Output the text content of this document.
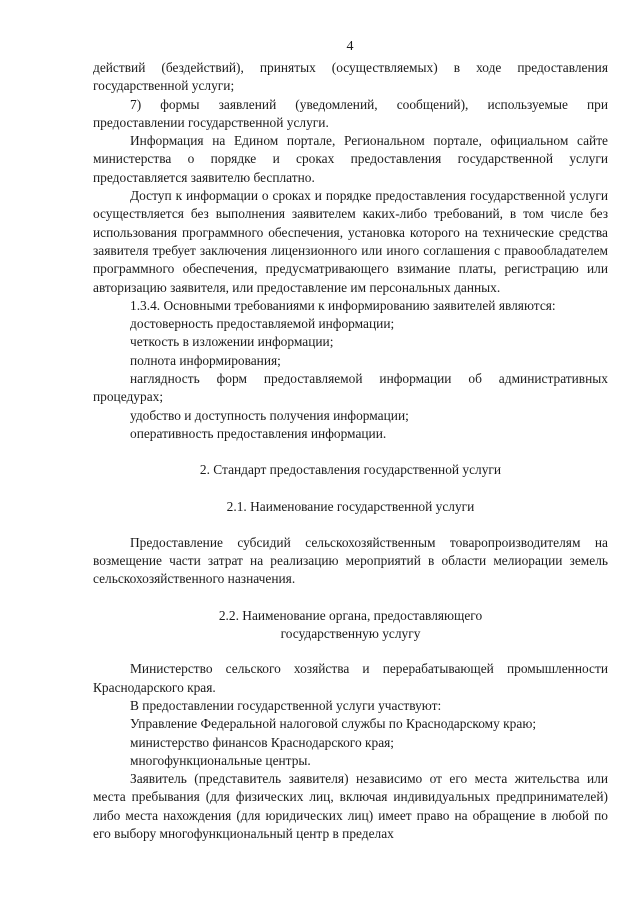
4

действий (бездействий), принятых (осуществляемых) в ходе предоставления государственной услуги;

7) формы заявлений (уведомлений, сообщений), используемые при предоставлении государственной услуги.

Информация на Едином портале, Региональном портале, официальном сайте министерства о порядке и сроках предоставления государственной услуги предоставляется заявителю бесплатно.

Доступ к информации о сроках и порядке предоставления государственной услуги осуществляется без выполнения заявителем каких-либо требований, в том числе без использования программного обеспечения, установка которого на технические средства заявителя требует заключения лицензионного или иного соглашения с правообладателем программного обеспечения, предусматривающего взимание платы, регистрацию или авторизацию заявителя, или предоставление им персональных данных.

1.3.4. Основными требованиями к информированию заявителей являются:

достоверность предоставляемой информации;

четкость в изложении информации;

полнота информирования;

наглядность форм предоставляемой информации об административных процедурах;

удобство и доступность получения информации;

оперативность предоставления информации.

2. Стандарт предоставления государственной услуги

2.1. Наименование государственной услуги

Предоставление субсидий сельскохозяйственным товаропроизводителям на возмещение части затрат на реализацию мероприятий в области мелиорации земель сельскохозяйственного назначения.

2.2. Наименование органа, предоставляющего

государственную услугу

Министерство сельского хозяйства и перерабатывающей промышленности Краснодарского края.

В предоставлении государственной услуги участвуют:

Управление Федеральной налоговой службы по Краснодарскому краю;

министерство финансов Краснодарского края;

многофункциональные центры.

Заявитель (представитель заявителя) независимо от его места жительства или места пребывания (для физических лиц, включая индивидуальных предпринимателей) либо места нахождения (для юридических лиц) имеет право на обращение в любой по его выбору многофункциональный центр в пределах
